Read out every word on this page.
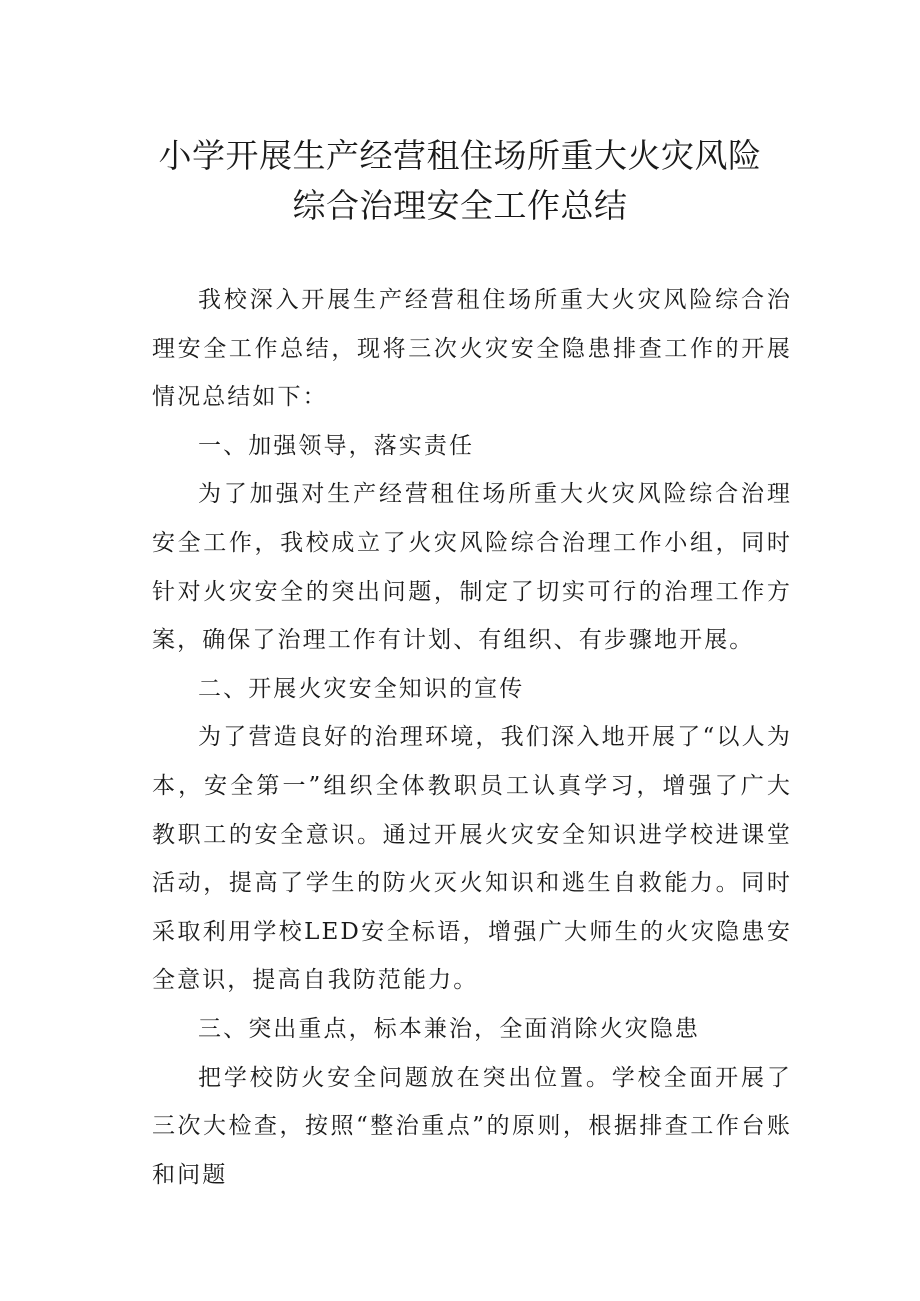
小学开展生产经营租住场所重大火灾风险
综合治理安全工作总结

我校深入开展生产经营租住场所重大火灾风险综合治理安全工作总结，现将三次火灾安全隐患排查工作的开展情况总结如下：

一、加强领导，落实责任

为了加强对生产经营租住场所重大火灾风险综合治理安全工作，我校成立了火灾风险综合治理工作小组，同时针对火灾安全的突出问题，制定了切实可行的治理工作方案，确保了治理工作有计划、有组织、有步骤地开展。

二、开展火灾安全知识的宣传

为了营造良好的治理环境，我们深入地开展了“以人为本，安全第一”组织全体教职员工认真学习，增强了广大教职工的安全意识。通过开展火灾安全知识进学校进课堂活动，提高了学生的防火灭火知识和逃生自救能力。同时采取利用学校LED安全标语，增强广大师生的火灾隐患安全意识，提高自我防范能力。

三、突出重点，标本兼治，全面消除火灾隐患

把学校防火安全问题放在突出位置。学校全面开展了三次大检查，按照“整治重点”的原则，根据排查工作台账和问题
